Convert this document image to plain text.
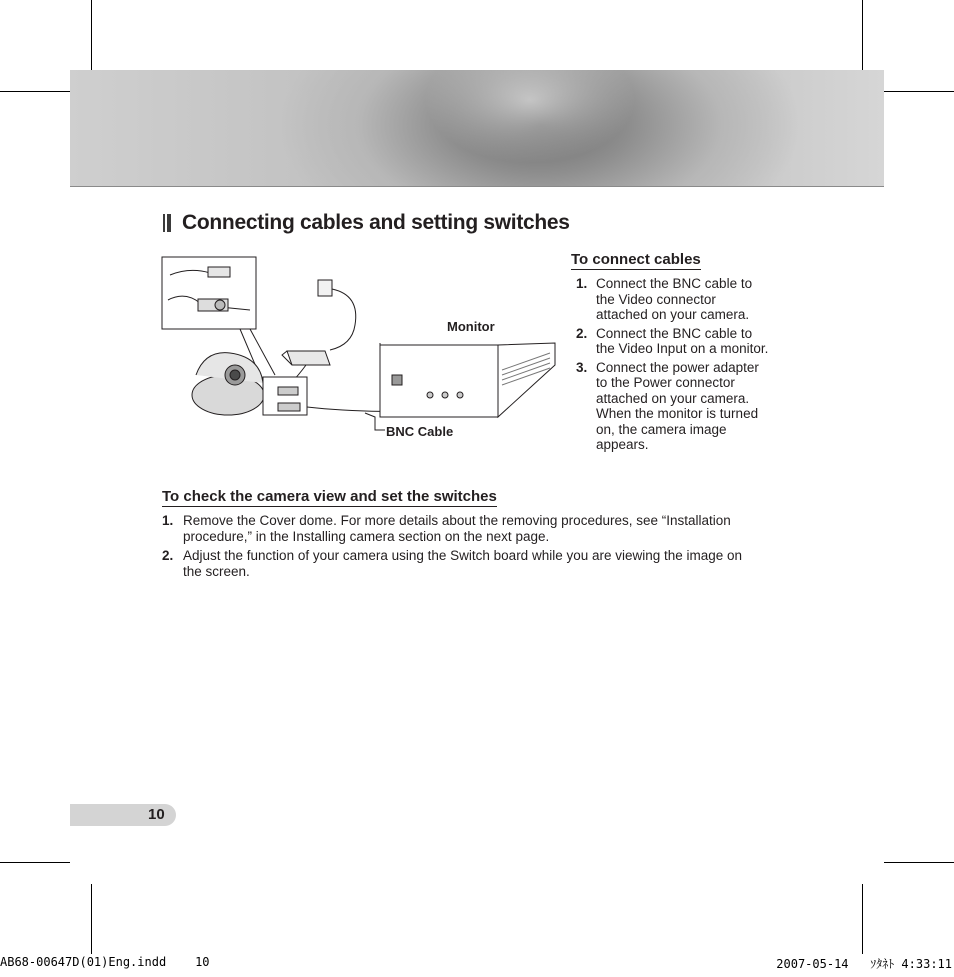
Connecting cables and setting switches
Monitor
BNC Cable
To connect cables
1. Connect the BNC cable to the Video connector attached on your camera.
2. Connect the BNC cable to the Video Input on a monitor.
3. Connect the power adapter to the Power connector attached on your camera. When the monitor is turned on, the camera image appears.
To check the camera view and set the switches
1. Remove the Cover dome. For more details about the removing procedures, see “Installation procedure,” in the Installing camera section on the next page.
2. Adjust the function of your camera using the Switch board while you are viewing the image on the screen.
10
AB68-00647D(01)Eng.indd    10	2007-05-14   ｿﾀﾈﾄ 4:33:11
